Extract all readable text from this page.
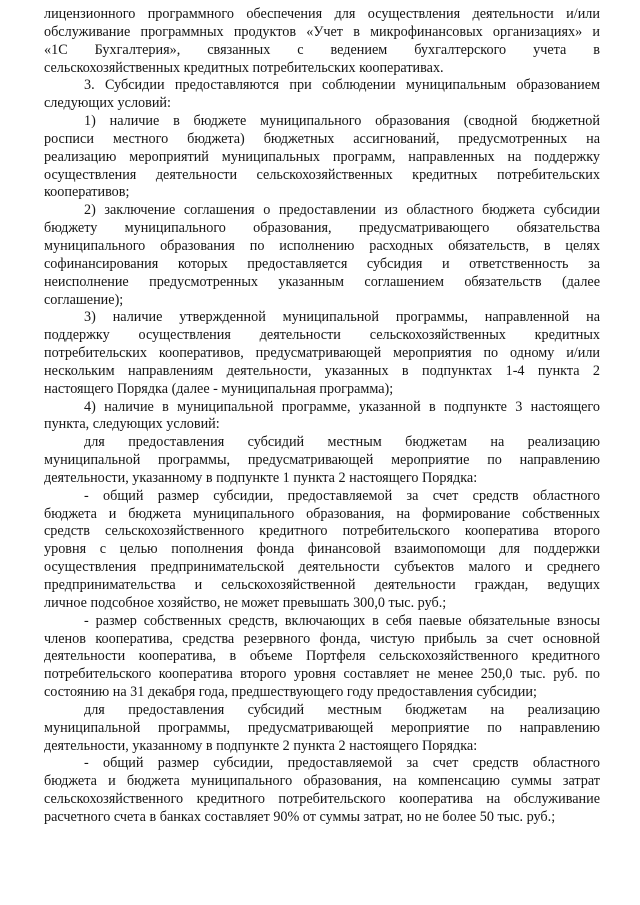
лицензионного программного обеспечения для осуществления деятельности и/или
обслуживание программных продуктов «Учет в микрофинансовых организациях» и
«1С Бухгалтерия», связанных с ведением бухгалтерского учета в
сельскохозяйственных кредитных потребительских кооперативах.
3. Субсидии предоставляются при соблюдении муниципальным образованием
следующих условий:
1) наличие в бюджете муниципального образования (сводной бюджетной
росписи местного бюджета) бюджетных ассигнований, предусмотренных на
реализацию мероприятий муниципальных программ, направленных на поддержку
осуществления деятельности сельскохозяйственных кредитных потребительских
кооперативов;
2) заключение соглашения о предоставлении из областного бюджета субсидии
бюджету муниципального образования, предусматривающего обязательства
муниципального образования по исполнению расходных обязательств, в целях
софинансирования которых предоставляется субсидия и ответственность за
неисполнение предусмотренных указанным соглашением обязательств (далее
соглашение);
3) наличие утвержденной муниципальной программы, направленной на
поддержку осуществления деятельности сельскохозяйственных кредитных
потребительских кооперативов, предусматривающей мероприятия по одному и/или
нескольким направлениям деятельности, указанных в подпунктах 1-4 пункта 2
настоящего Порядка (далее - муниципальная программа);
4) наличие в муниципальной программе, указанной в подпункте 3 настоящего
пункта, следующих условий:
для предоставления субсидий местным бюджетам на реализацию
муниципальной программы, предусматривающей мероприятие по направлению
деятельности, указанному в подпункте 1 пункта 2 настоящего Порядка:
- общий размер субсидии, предоставляемой за счет средств областного
бюджета и бюджета муниципального образования, на формирование собственных
средств сельскохозяйственного кредитного потребительского кооператива второго
уровня с целью пополнения фонда финансовой взаимопомощи для поддержки
осуществления предпринимательской деятельности субъектов малого и среднего
предпринимательства и сельскохозяйственной деятельности граждан, ведущих
личное подсобное хозяйство, не может превышать 300,0 тыс. руб.;
- размер собственных средств, включающих в себя паевые обязательные взносы
членов кооператива, средства резервного фонда, чистую прибыль за счет основной
деятельности кооператива, в объеме Портфеля сельскохозяйственного кредитного
потребительского кооператива второго уровня составляет не менее 250,0 тыс. руб. по
состоянию на 31 декабря года, предшествующего году предоставления субсидии;
для предоставления субсидий местным бюджетам на реализацию
муниципальной программы, предусматривающей мероприятие по направлению
деятельности, указанному в подпункте 2 пункта 2 настоящего Порядка:
- общий размер субсидии, предоставляемой за счет средств областного
бюджета и бюджета муниципального образования, на компенсацию суммы затрат
сельскохозяйственного кредитного потребительского кооператива на обслуживание
расчетного счета в банках составляет 90% от суммы затрат, но не более 50 тыс. руб.;
